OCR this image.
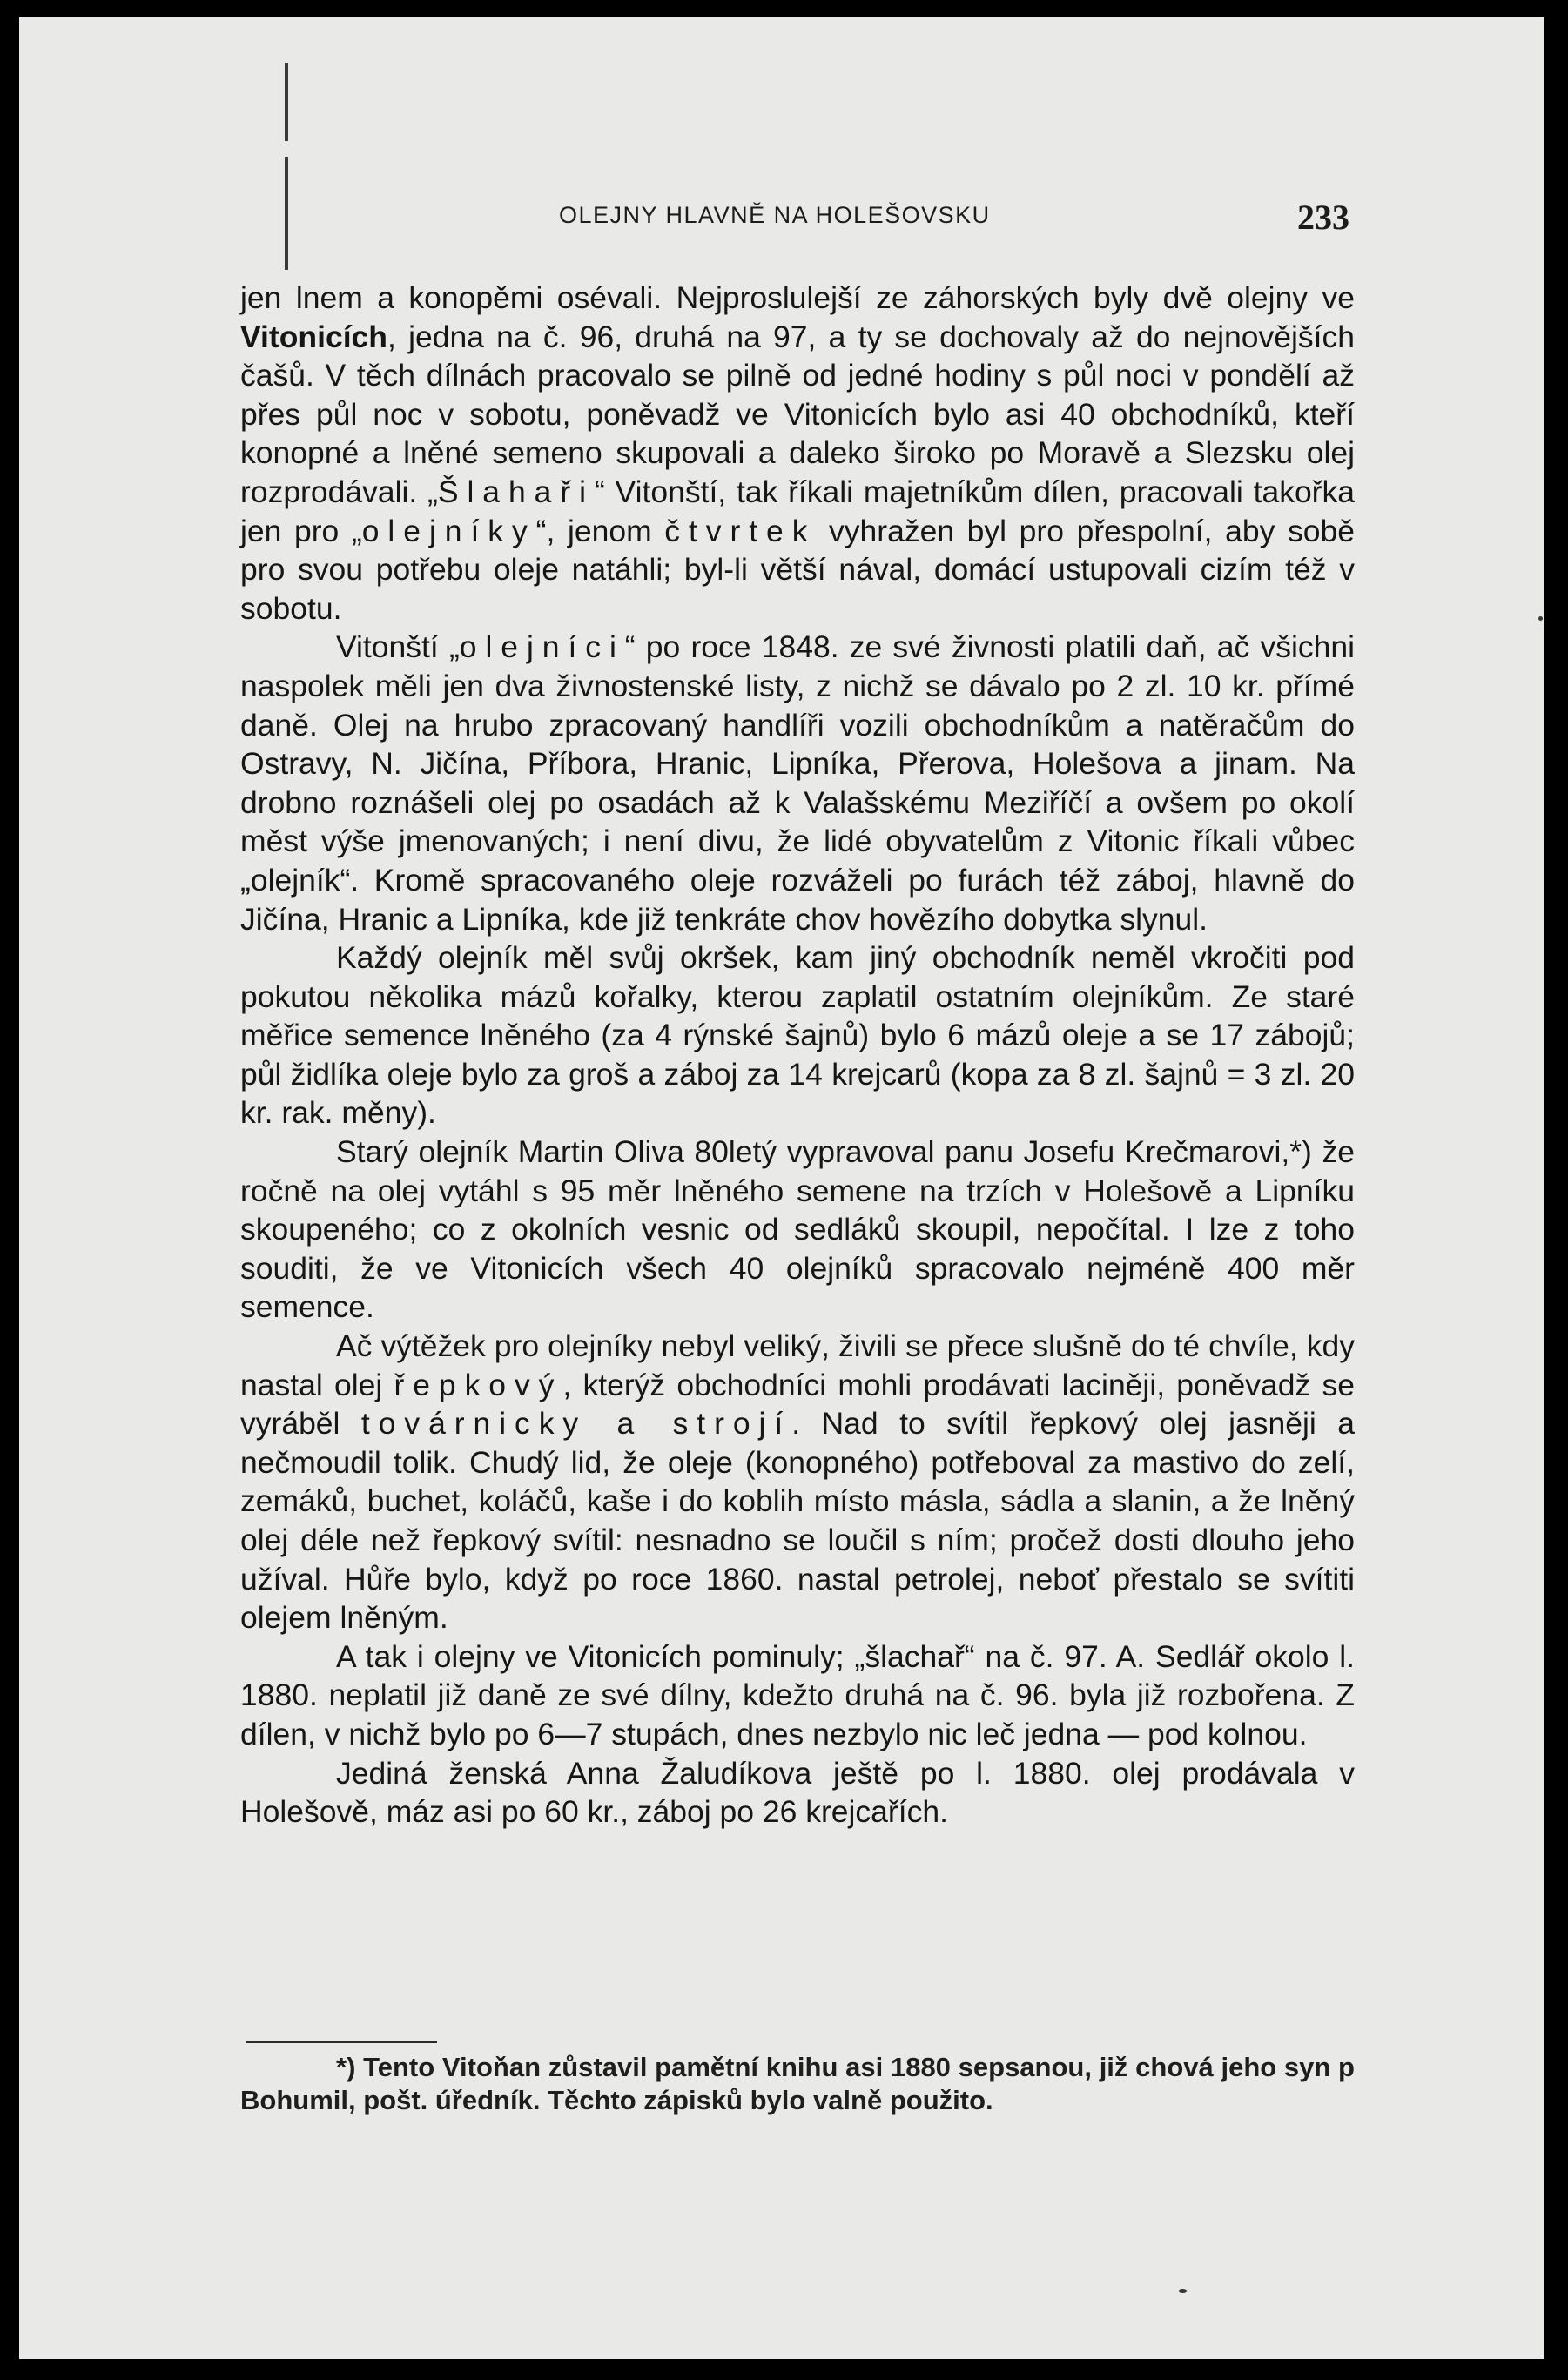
OLEJNY HLAVNĚ NA HOLEŠOVSKU	233

jen lnem a konopěmi osévali. Nejproslulejší ze záhorských byly dvě olejny ve Vitonicích, jedna na č. 96, druhá na 97, a ty se dochovaly až do nejnovějších čašů. V těch dílnách pracovalo se pilně od jedné hodiny s půl noci v pondělí až přes půl noc v sobotu, poněvadž ve Vitonicích bylo asi 40 obchodníků, kteří konopné a lněné semeno skupovali a daleko široko po Moravě a Slezsku olej rozprodávali. „Šlahaři“ Vitonští, tak říkali majetníkům dílen, pracovali takořka jen pro „olejníky“, jenom čtvrtek vyhražen byl pro přespolní, aby sobě pro svou potřebu oleje natáhli; byl-li větší nával, domácí ustupovali cizím též v sobotu.

Vitonští „olejníci“ po roce 1848. ze své živnosti platili daň, ač všichni naspolek měli jen dva živnostenské listy, z nichž se dávalo po 2 zl. 10 kr. přímé daně. Olej na hrubo zpracovaný handlíři vozili obchodníkům a natěračům do Ostravy, N. Jičína, Příbora, Hranic, Lipníka, Přerova, Holešova a jinam. Na drobno roznášeli olej po osadách až k Valašskému Meziříčí a ovšem po okolí měst výše jmenovaných; i není divu, že lidé obyvatelům z Vitonic říkali vůbec „olejník“. Kromě spracovaného oleje rozváželi po furách též záboj, hlavně do Jičína, Hranic a Lipníka, kde již tenkráte chov hovězího dobytka slynul.

Každý olejník měl svůj okršek, kam jiný obchodník neměl vkročiti pod pokutou několika mázů kořalky, kterou zaplatil ostatním olejníkům. Ze staré měřice semence lněného (za 4 rýnské šajnů) bylo 6 mázů oleje a se 17 zábojů; půl židlíka oleje bylo za groš a záboj za 14 krejcarů (kopa za 8 zl. šajnů = 3 zl. 20 kr. rak. měny).

Starý olejník Martin Oliva 80letý vypravoval panu Josefu Krečmarovi,*) že ročně na olej vytáhl s 95 měr lněného semene na trzích v Holešově a Lipníku skoupeného; co z okolních vesnic od sedláků skoupil, nepočítal. I lze z toho souditi, že ve Vitonicích všech 40 olejníků spracovalo nejméně 400 měr semence.

Ač výtěžek pro olejníky nebyl veliký, živili se přece slušně do té chvíle, kdy nastal olej řepkový, kterýž obchodníci mohli prodávati laciněji, poněvadž se vyráběl továrnicky a strojí. Nad to svítil řepkový olej jasněji a nečmoudil tolik. Chudý lid, že oleje (konopného) potřeboval za mastivo do zelí, zemáků, buchet, koláčů, kaše i do koblih místo másla, sádla a slanin, a že lněný olej déle než řepkový svítil: nesnadno se loučil s ním; pročež dosti dlouho jeho užíval. Hůře bylo, když po roce 1860. nastal petrolej, neboť přestalo se svítiti olejem lněným.

A tak i olejny ve Vitonicích pominuly; „šlachař“ na č. 97. A. Sedlář okolo l. 1880. neplatil již daně ze své dílny, kdežto druhá na č. 96. byla již rozbořena. Z dílen, v nichž bylo po 6—7 stupách, dnes nezbylo nic leč jedna — pod kolnou.

Jediná ženská Anna Žaludíkova ještě po l. 1880. olej prodávala v Holešově, máz asi po 60 kr., záboj po 26 krejcařích.

*) Tento Vitoňan zůstavil pamětní knihu asi 1880 sepsanou, již chová jeho syn p Bohumil, pošt. úředník. Těchto zápisků bylo valně použito.
